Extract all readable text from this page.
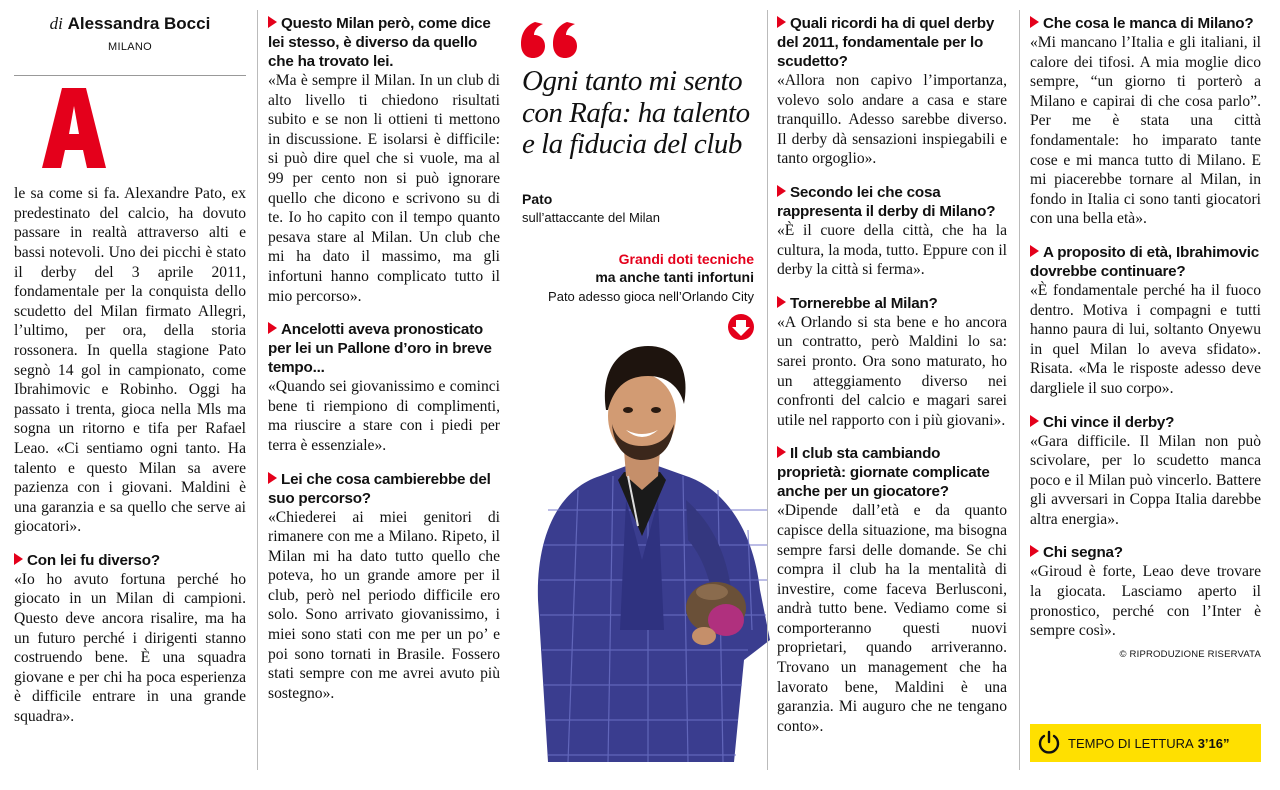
di Alessandra Bocci
MILANO
A

le sa come si fa. Alexandre Pato, ex predestinato del calcio, ha dovuto passare in realtà attraverso alti e bassi notevoli. Uno dei picchi è stato il derby del 3 aprile 2011, fondamentale per la conquista dello scudetto del Milan firmato Allegri, l’ultimo, per ora, della storia rossonera. In quella stagione Pato segnò 14 gol in campionato, come Ibrahimovic e Robinho. Oggi ha passato i trenta, gioca nella Mls ma sogna un ritorno e tifa per Rafael Leao. «Ci sentiamo ogni tanto. Ha talento e questo Milan sa avere pazienza con i giovani. Maldini è una garanzia e sa quello che serve ai giocatori».

Con lei fu diverso?

«Io ho avuto fortuna perché ho giocato in un Milan di campioni. Questo deve ancora risalire, ma ha un futuro perché i dirigenti stanno costruendo bene. È una squadra giovane e per chi ha poca esperienza è difficile entrare in una grande squadra».

Questo Milan però, come dice lei stesso, è diverso da quello che ha trovato lei.

«Ma è sempre il Milan. In un club di alto livello ti chiedono risultati subito e se non li ottieni ti mettono in discussione. E isolarsi è difficile: si può dire quel che si vuole, ma al 99 per cento non si può ignorare quello che dicono e scrivono su di te. Io ho capito con il tempo quanto pesava stare al Milan. Un club che mi ha dato il massimo, ma gli infortuni hanno complicato tutto il mio percorso».

Ancelotti aveva pronosticato per lei un Pallone d’oro in breve tempo...

«Quando sei giovanissimo e cominci bene ti riempiono di complimenti, ma riuscire a stare con i piedi per terra è essenziale».

Lei che cosa cambierebbe del suo percorso?

«Chiederei ai miei genitori di rimanere con me a Milano. Ripeto, il Milan mi ha dato tutto quello che poteva, ho un grande amore per il club, però nel periodo difficile ero solo. Sono arrivato giovanissimo, i miei sono stati con me per un po’ e poi sono tornati in Brasile. Fossero stati sempre con me avrei avuto più sostegno».

Ogni tanto mi sento con Rafa: ha talento e la fiducia del club
Pato
sull’attaccante del Milan
Grandi doti tecniche
ma anche tanti infortuni
Pato adesso gioca nell’Orlando City
Quali ricordi ha di quel derby del 2011, fondamentale per lo scudetto?

«Allora non capivo l’importanza, volevo solo andare a casa e stare tranquillo. Adesso sarebbe diverso. Il derby dà sensazioni inspiegabili e tanto orgoglio».

Secondo lei che cosa rappresenta il derby di Milano?

«È il cuore della città, che ha la cultura, la moda, tutto. Eppure con il derby la città si ferma».

Tornerebbe al Milan?

«A Orlando si sta bene e ho ancora un contratto, però Maldini lo sa: sarei pronto. Ora sono maturato, ho un atteggiamento diverso nei confronti del calcio e magari sarei utile nel rapporto con i più giovani».

Il club sta cambiando proprietà: giornate complicate anche per un giocatore?

«Dipende dall’età e da quanto capisce della situazione, ma bisogna sempre farsi delle domande. Se chi compra il club ha la mentalità di investire, come faceva Berlusconi, andrà tutto bene. Vediamo come si comporteranno questi nuovi proprietari, quando arriveranno. Trovano un management che ha lavorato bene, Maldini è una garanzia. Mi auguro che ne tengano conto».

Che cosa le manca di Milano?

«Mi mancano l’Italia e gli italiani, il calore dei tifosi. A mia moglie dico sempre, “un giorno ti porterò a Milano e capirai di che cosa parlo”. Per me è stata una città fondamentale: ho imparato tante cose e mi manca tutto di Milano. E mi piacerebbe tornare al Milan, in fondo in Italia ci sono tanti giocatori con una bella età».

A proposito di età, Ibrahimovic dovrebbe continuare?

«È fondamentale perché ha il fuoco dentro. Motiva i compagni e tutti hanno paura di lui, soltanto Onyewu in quel Milan lo aveva sfidato». Risata. «Ma le risposte adesso deve dargliele il suo corpo».

Chi vince il derby?

«Gara difficile. Il Milan non può scivolare, per lo scudetto manca poco e il Milan può vincerlo. Battere gli avversari in Coppa Italia darebbe altra energia».

Chi segna?

«Giroud è forte, Leao deve trovare la giocata. Lasciamo aperto il pronostico, perché con l’Inter è sempre così».

© RIPRODUZIONE RISERVATA
TEMPO DI LETTURA 3’16”
